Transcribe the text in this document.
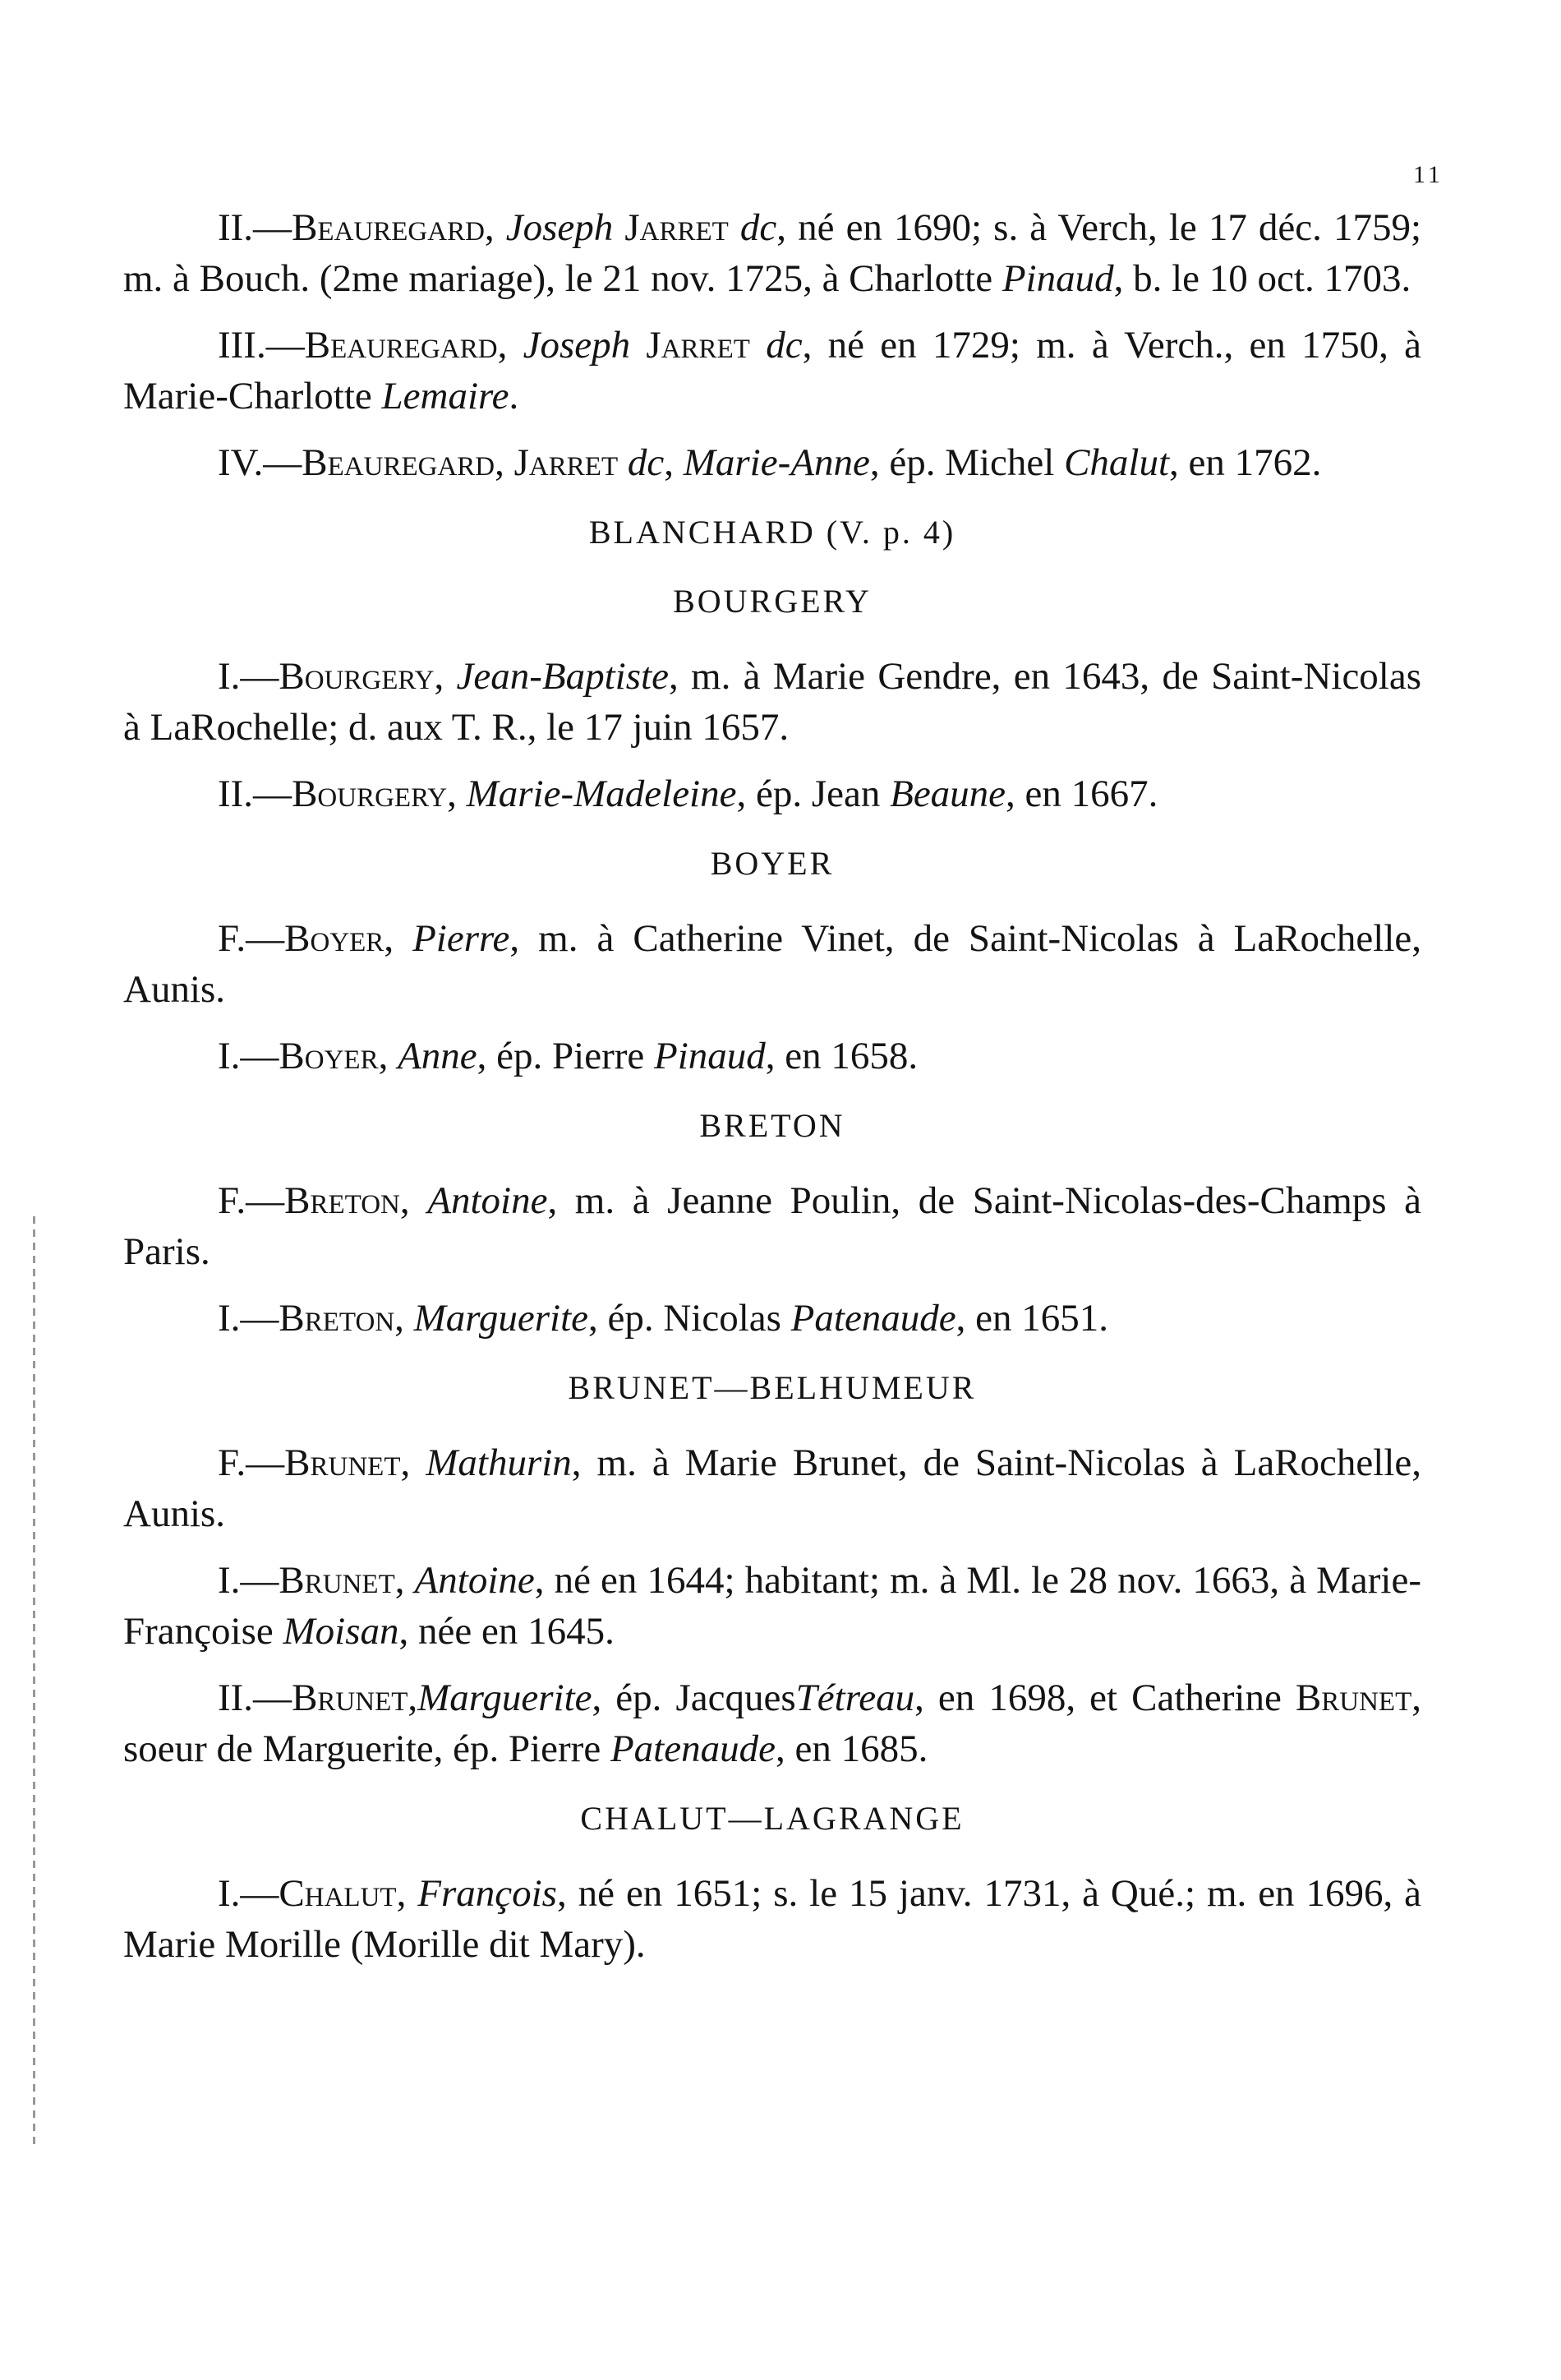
11

II.—Beauregard, Joseph Jarret dc, né en 1690; s. à Verch, le 17 déc. 1759; m. à Bouch. (2me mariage), le 21 nov. 1725, à Charlotte Pinaud, b. le 10 oct. 1703.

III.—Beauregard, Joseph Jarret dc, né en 1729; m. à Verch., en 1750, à Marie-Charlotte Lemaire.

IV.—Beauregard, Jarret dc, Marie-Anne, ép. Michel Chalut, en 1762.

BLANCHARD (V. p. 4)
BOURGERY

I.—Bourgery, Jean-Baptiste, m. à Marie Gendre, en 1643, de Saint-Nicolas à LaRochelle; d. aux T. R., le 17 juin 1657.

II.—Bourgery, Marie-Madeleine, ép. Jean Beaune, en 1667.

BOYER

F.—Boyer, Pierre, m. à Catherine Vinet, de Saint-Nicolas à LaRochelle, Aunis.

I.—Boyer, Anne, ép. Pierre Pinaud, en 1658.

BRETON

F.—Breton, Antoine, m. à Jeanne Poulin, de Saint-Nicolas-des-Champs à Paris.

I.—Breton, Marguerite, ép. Nicolas Patenaude, en 1651.

BRUNET—BELHUMEUR

F.—Brunet, Mathurin, m. à Marie Brunet, de Saint-Nicolas à LaRochelle, Aunis.

I.—Brunet, Antoine, né en 1644; habitant; m. à Ml. le 28 nov. 1663, à Marie-Françoise Moisan, née en 1645.

II.—Brunet,Marguerite, ép. JacquesTétreau, en 1698, et Catherine Brunet, soeur de Marguerite, ép. Pierre Patenaude, en 1685.

CHALUT—LAGRANGE

I.—Chalut, François, né en 1651; s. le 15 janv. 1731, à Qué.; m. en 1696, à Marie Morille (Morille dit Mary).
